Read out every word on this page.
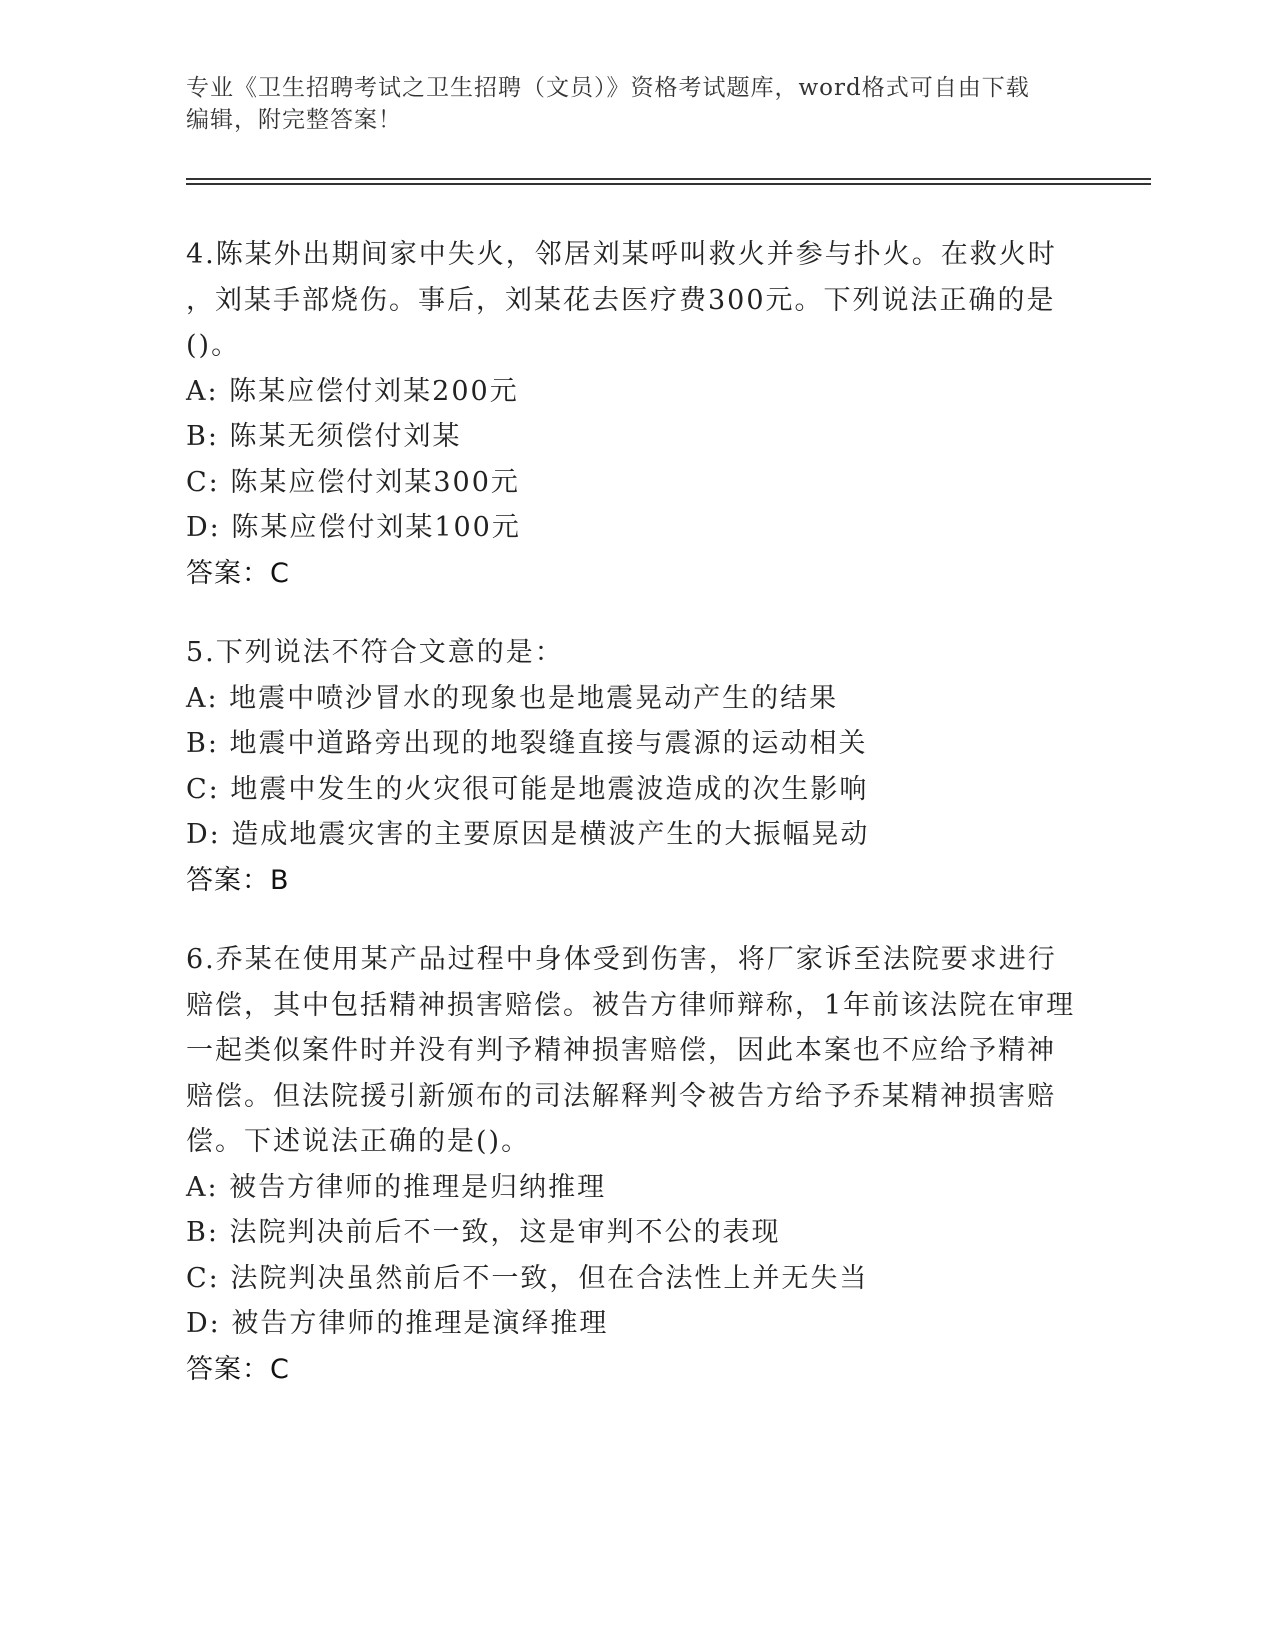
专业《卫生招聘考试之卫生招聘（文员）》资格考试题库，word格式可自由下载
编辑，附完整答案！
4.陈某外出期间家中失火，邻居刘某呼叫救火并参与扑火。在救火时
，刘某手部烧伤。事后，刘某花去医疗费300元。下列说法正确的是
()。
A: 陈某应偿付刘某200元
B: 陈某无须偿付刘某
C: 陈某应偿付刘某300元
D: 陈某应偿付刘某100元
答案：C
5.下列说法不符合文意的是：
A: 地震中喷沙冒水的现象也是地震晃动产生的结果
B: 地震中道路旁出现的地裂缝直接与震源的运动相关
C: 地震中发生的火灾很可能是地震波造成的次生影响
D: 造成地震灾害的主要原因是横波产生的大振幅晃动
答案：B
6.乔某在使用某产品过程中身体受到伤害，将厂家诉至法院要求进行
赔偿，其中包括精神损害赔偿。被告方律师辩称，1年前该法院在审理
一起类似案件时并没有判予精神损害赔偿，因此本案也不应给予精神
赔偿。但法院援引新颁布的司法解释判令被告方给予乔某精神损害赔
偿。下述说法正确的是()。
A: 被告方律师的推理是归纳推理
B: 法院判决前后不一致，这是审判不公的表现
C: 法院判决虽然前后不一致，但在合法性上并无失当
D: 被告方律师的推理是演绎推理
答案：C
